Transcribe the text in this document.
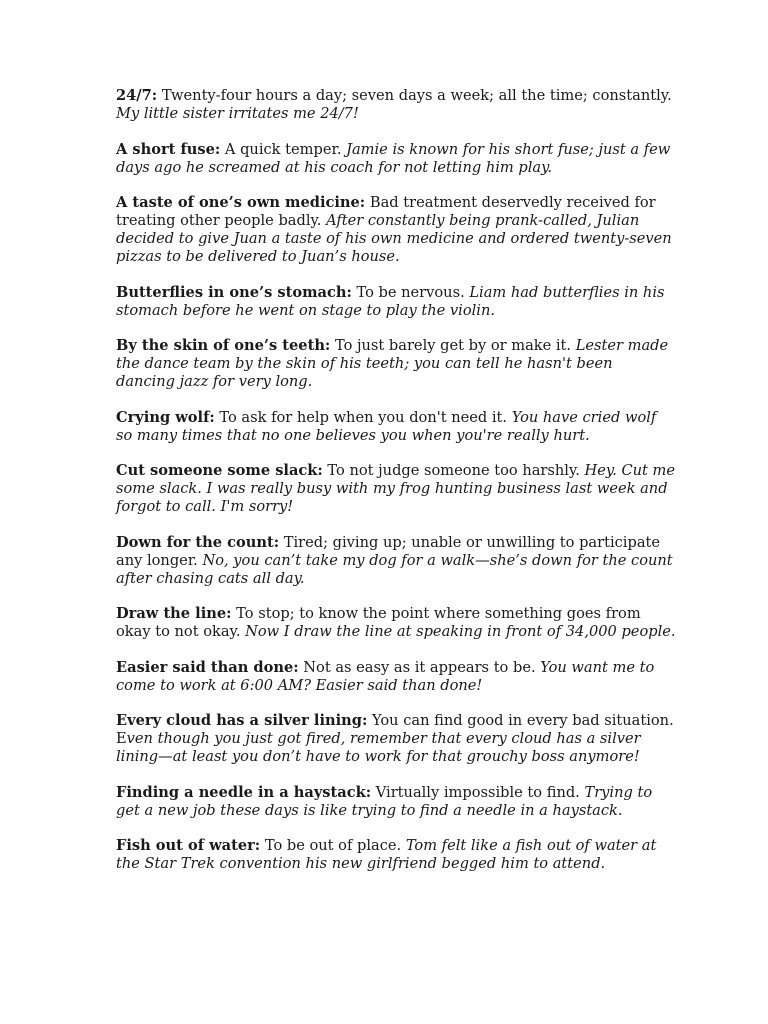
24/7: Twenty-four hours a day; seven days a week; all the time; constantly. My little sister irritates me 24/7!

A short fuse: A quick temper. Jamie is known for his short fuse; just a few days ago he screamed at his coach for not letting him play.

A taste of one’s own medicine: Bad treatment deservedly received for treating other people badly. After constantly being prank-called, Julian decided to give Juan a taste of his own medicine and ordered twenty-seven pizzas to be delivered to Juan’s house.

Butterflies in one’s stomach: To be nervous. Liam had butterflies in his stomach before he went on stage to play the violin.

By the skin of one’s teeth: To just barely get by or make it. Lester made the dance team by the skin of his teeth; you can tell he hasn't been dancing jazz for very long.

Crying wolf: To ask for help when you don't need it. You have cried wolf so many times that no one believes you when you're really hurt.

Cut someone some slack: To not judge someone too harshly. Hey. Cut me some slack. I was really busy with my frog hunting business last week and forgot to call. I'm sorry!

Down for the count: Tired; giving up; unable or unwilling to participate any longer. No, you can’t take my dog for a walk—she’s down for the count after chasing cats all day.

Draw the line: To stop; to know the point where something goes from okay to not okay. Now I draw the line at speaking in front of 34,000 people.

Easier said than done: Not as easy as it appears to be. You want me to come to work at 6:00 AM? Easier said than done!

Every cloud has a silver lining: You can find good in every bad situation. Even though you just got fired, remember that every cloud has a silver lining—at least you don’t have to work for that grouchy boss anymore!

Finding a needle in a haystack: Virtually impossible to find. Trying to get a new job these days is like trying to find a needle in a haystack.

Fish out of water: To be out of place. Tom felt like a fish out of water at the Star Trek convention his new girlfriend begged him to attend.
